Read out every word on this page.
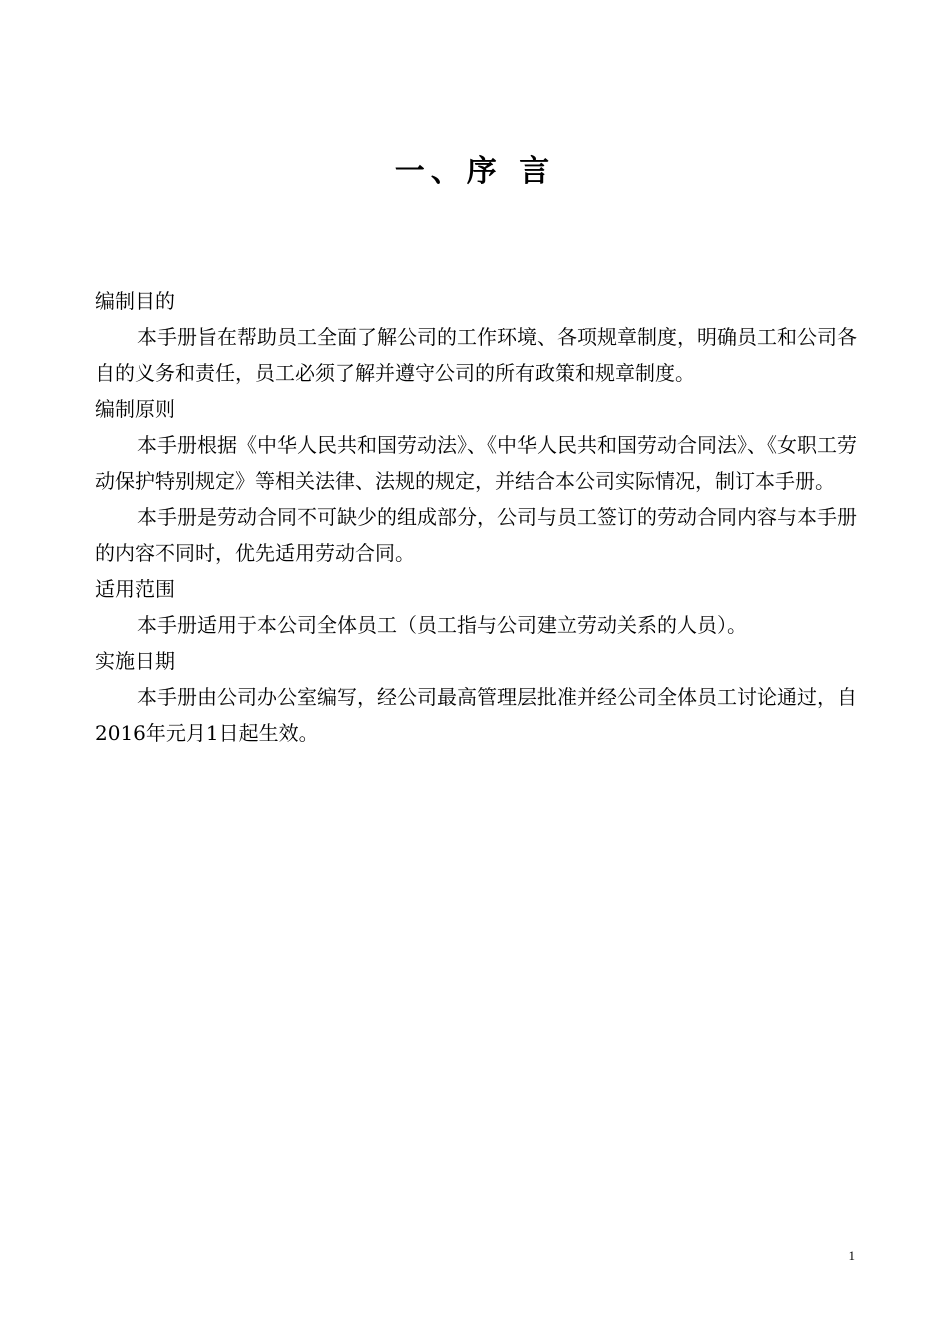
一、序 言

编制目的

本手册旨在帮助员工全面了解公司的工作环境、各项规章制度，明确员工和公司各自的义务和责任，员工必须了解并遵守公司的所有政策和规章制度。

编制原则

本手册根据《中华人民共和国劳动法》、《中华人民共和国劳动合同法》、《女职工劳动保护特别规定》等相关法律、法规的规定，并结合本公司实际情况，制订本手册。

本手册是劳动合同不可缺少的组成部分，公司与员工签订的劳动合同内容与本手册的内容不同时，优先适用劳动合同。

适用范围

本手册适用于本公司全体员工（员工指与公司建立劳动关系的人员）。

实施日期

本手册由公司办公室编写，经公司最高管理层批准并经公司全体员工讨论通过，自2016年元月1日起生效。

1
